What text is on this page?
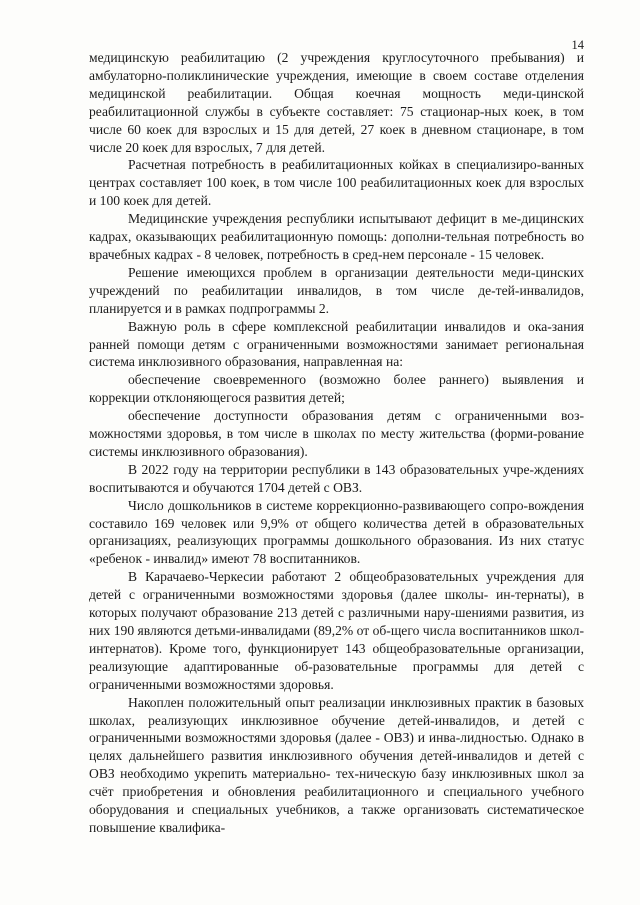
14

медицинскую реабилитацию (2 учреждения круглосуточного пребывания) и амбулаторно-поликлинические учреждения, имеющие в своем составе отделения медицинской реабилитации. Общая коечная мощность меди-цинской реабилитационной службы в субъекте составляет: 75 стационар-ных коек, в том числе 60 коек для взрослых и 15 для детей, 27 коек в дневном стационаре, в том числе 20 коек для взрослых, 7 для детей.

Расчетная потребность в реабилитационных койках в специализиро-ванных центрах составляет 100 коек, в том числе 100 реабилитационных коек для взрослых и 100 коек для детей.

Медицинские учреждения республики испытывают дефицит в ме-дицинских кадрах, оказывающих реабилитационную помощь: дополни-тельная потребность во врачебных кадрах - 8 человек, потребность в сред-нем персонале - 15 человек.

Решение имеющихся проблем в организации деятельности меди-цинских учреждений по реабилитации инвалидов, в том числе де-тей-инвалидов, планируется и в рамках подпрограммы 2.

Важную роль в сфере комплексной реабилитации инвалидов и ока-зания ранней помощи детям с ограниченными возможностями занимает региональная система инклюзивного образования, направленная на:

обеспечение своевременного (возможно более раннего) выявления и коррекции отклоняющегося развития детей;

обеспечение доступности образования детям с ограниченными воз-можностями здоровья, в том числе в школах по месту жительства (форми-рование системы инклюзивного образования).

В 2022 году на территории республики в 143 образовательных учре-ждениях воспитываются и обучаются 1704 детей с ОВЗ.

Число дошкольников в системе коррекционно-развивающего сопро-вождения составило 169 человек или 9,9% от общего количества детей в образовательных организациях, реализующих программы дошкольного образования. Из них статус «ребенок - инвалид» имеют 78 воспитанников.

В Карачаево-Черкесии работают 2 общеобразовательных учреждения для детей с ограниченными возможностями здоровья (далее школы- ин-тернаты), в которых получают образование 213 детей с различными нару-шениями развития, из них 190 являются детьми-инвалидами (89,2% от об-щего числа воспитанников школ-интернатов). Кроме того, функционирует 143 общеобразовательные организации, реализующие адаптированные об-разовательные программы для детей с ограниченными возможностями здоровья.

Накоплен положительный опыт реализации инклюзивных практик в базовых школах, реализующих инклюзивное обучение детей-инвалидов, и детей с ограниченными возможностями здоровья (далее - ОВЗ) и инва-лидностью. Однако в целях дальнейшего развития инклюзивного обучения детей-инвалидов и детей с ОВЗ необходимо укрепить материально- тех-ническую базу инклюзивных школ за счёт приобретения и обновления реабилитационного и специального учебного оборудования и специальных учебников, а также организовать систематическое повышение квалифика-
